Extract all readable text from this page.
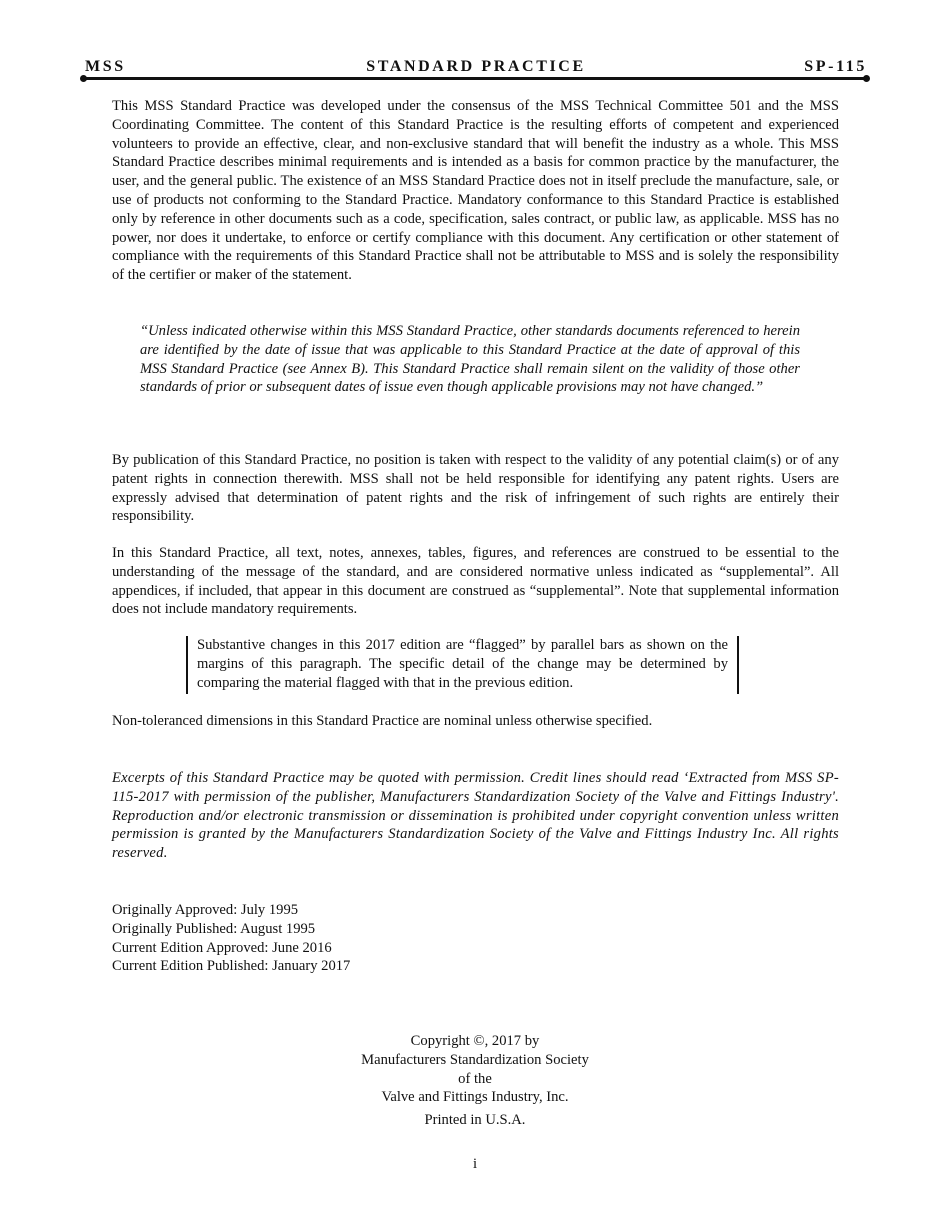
MSS	STANDARD PRACTICE	SP-115

This MSS Standard Practice was developed under the consensus of the MSS Technical Committee 501 and the MSS Coordinating Committee. The content of this Standard Practice is the resulting efforts of competent and experienced volunteers to provide an effective, clear, and non-exclusive standard that will benefit the industry as a whole. This MSS Standard Practice describes minimal requirements and is intended as a basis for common practice by the manufacturer, the user, and the general public. The existence of an MSS Standard Practice does not in itself preclude the manufacture, sale, or use of products not conforming to the Standard Practice. Mandatory conformance to this Standard Practice is established only by reference in other documents such as a code, specification, sales contract, or public law, as applicable. MSS has no power, nor does it undertake, to enforce or certify compliance with this document. Any certification or other statement of compliance with the requirements of this Standard Practice shall not be attributable to MSS and is solely the responsibility of the certifier or maker of the statement.

“Unless indicated otherwise within this MSS Standard Practice, other standards documents referenced to herein are identified by the date of issue that was applicable to this Standard Practice at the date of approval of this MSS Standard Practice (see Annex B). This Standard Practice shall remain silent on the validity of those other standards of prior or subsequent dates of issue even though applicable provisions may not have changed.”

By publication of this Standard Practice, no position is taken with respect to the validity of any potential claim(s) or of any patent rights in connection therewith. MSS shall not be held responsible for identifying any patent rights. Users are expressly advised that determination of patent rights and the risk of infringement of such rights are entirely their responsibility.

In this Standard Practice, all text, notes, annexes, tables, figures, and references are construed to be essential to the understanding of the message of the standard, and are considered normative unless indicated as “supplemental”. All appendices, if included, that appear in this document are construed as “supplemental”. Note that supplemental information does not include mandatory requirements.

Substantive changes in this 2017 edition are “flagged” by parallel bars as shown on the margins of this paragraph. The specific detail of the change may be determined by comparing the material flagged with that in the previous edition.

Non-toleranced dimensions in this Standard Practice are nominal unless otherwise specified.

Excerpts of this Standard Practice may be quoted with permission. Credit lines should read ‘Extracted from MSS SP-115-2017 with permission of the publisher, Manufacturers Standardization Society of the Valve and Fittings Industry'. Reproduction and/or electronic transmission or dissemination is prohibited under copyright convention unless written permission is granted by the Manufacturers Standardization Society of the Valve and Fittings Industry Inc. All rights reserved.

Originally Approved: July 1995
Originally Published: August 1995
Current Edition Approved: June 2016
Current Edition Published: January 2017
Copyright ©, 2017 by
Manufacturers Standardization Society
of the
Valve and Fittings Industry, Inc.
Printed in U.S.A.
i
